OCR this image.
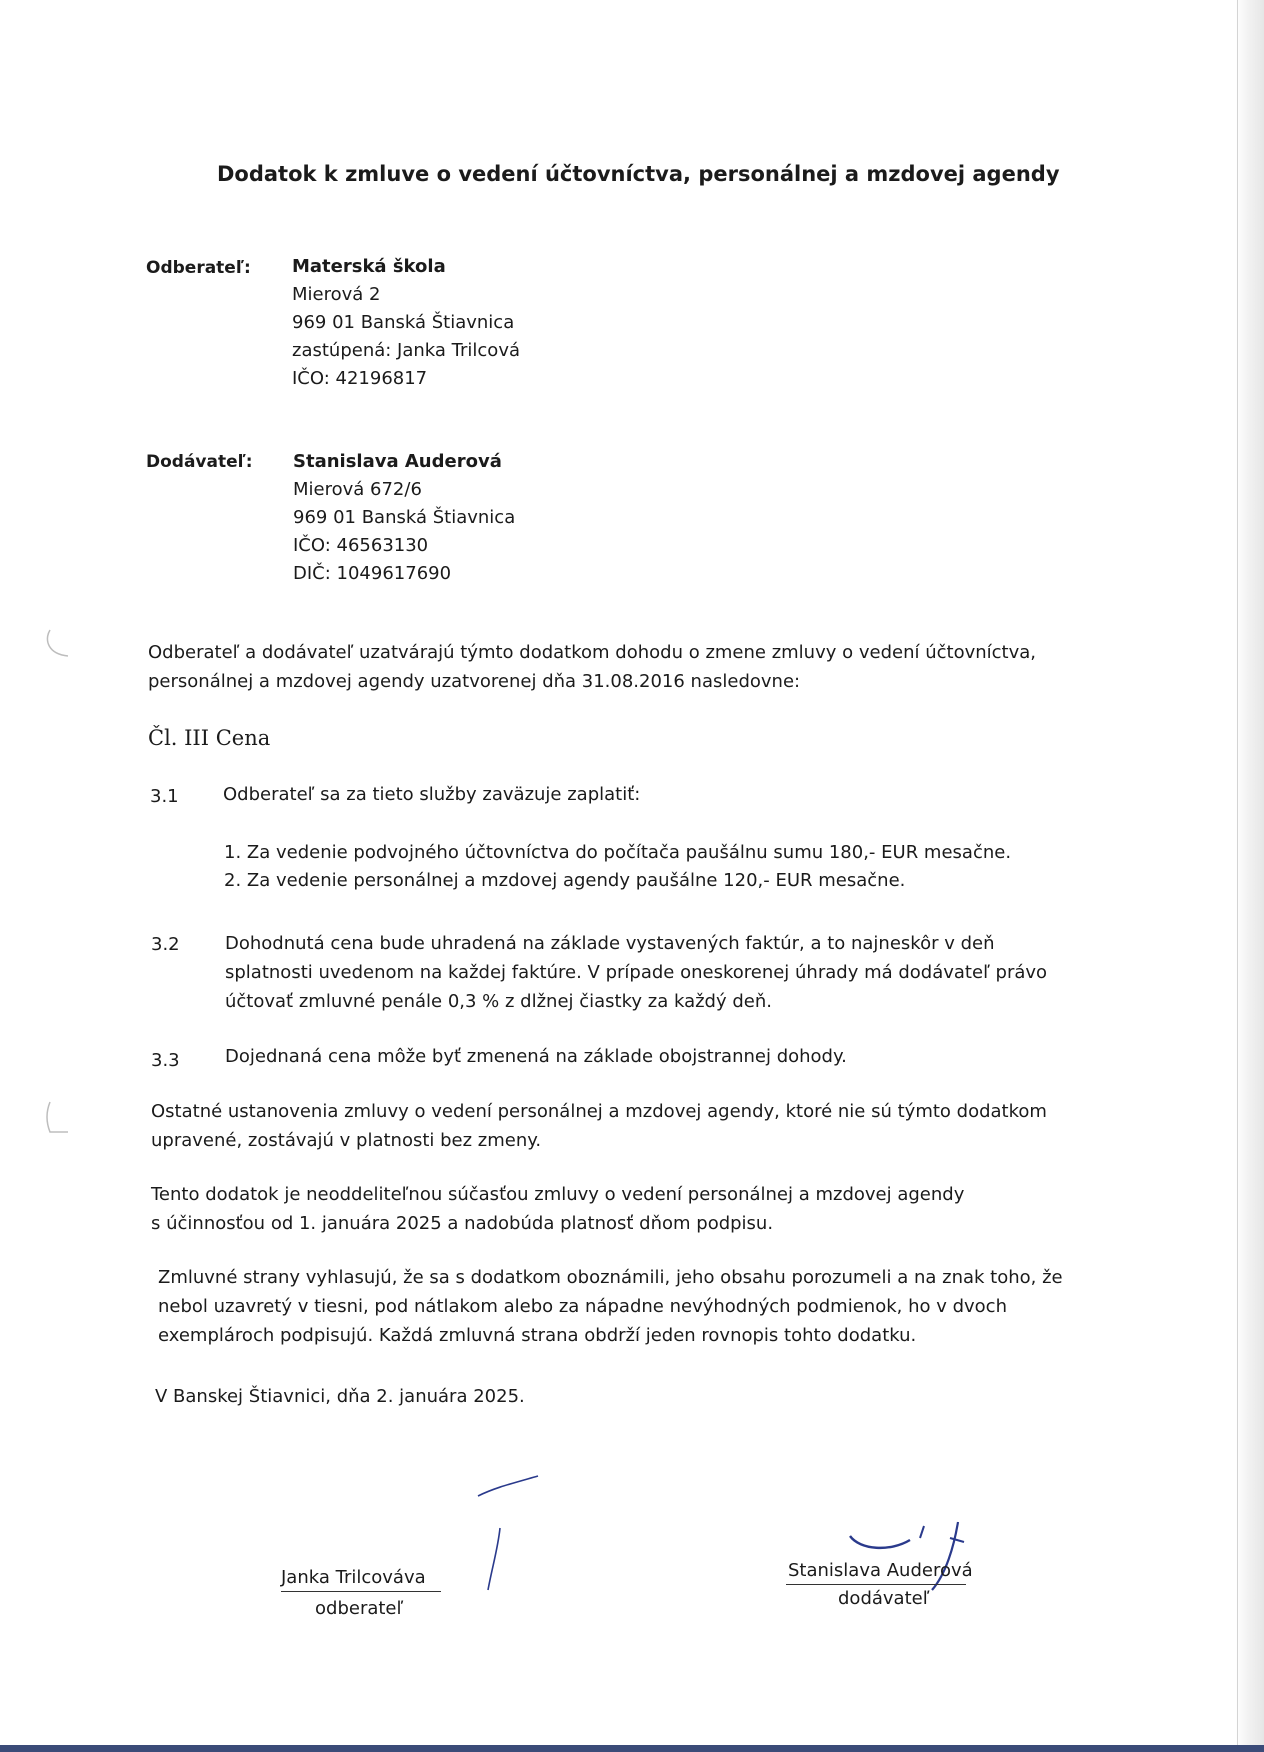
Dodatok k zmluve o vedení účtovníctva, personálnej a mzdovej agendy
Odberateľ: Materská škola
Mierová 2
969 01 Banská Štiavnica
zastúpená: Janka Trilcová
IČO: 42196817
Dodávateľ: Stanislava Auderová
Mierová 672/6
969 01 Banská Štiavnica
IČO: 46563130
DIČ: 1049617690
Odberateľ a dodávateľ uzatvárajú týmto dodatkom dohodu o zmene zmluvy o vedení účtovníctva,
personálnej a mzdovej agendy uzatvorenej dňa 31.08.2016 nasledovne:
Čl. III Cena
3.1 Odberateľ sa za tieto služby zaväzuje zaplatiť:
1. Za vedenie podvojného účtovníctva do počítača paušálnu sumu 180,- EUR mesačne.
2. Za vedenie personálnej a mzdovej agendy paušálne 120,- EUR mesačne.
3.2	Dohodnutá cena bude uhradená na základe vystavených faktúr, a to najneskôr v deň
splatnosti uvedenom na každej faktúre. V prípade oneskorenej úhrady má dodávateľ právo
účtovať zmluvné penále 0,3 % z dlžnej čiastky za každý deň.
3.3	Dojednaná cena môže byť zmenená na základe obojstrannej dohody.
Ostatné ustanovenia zmluvy o vedení personálnej a mzdovej agendy, ktoré nie sú týmto dodatkom
upravené, zostávajú v platnosti bez zmeny.
Tento dodatok je neoddeliteľnou súčasťou zmluvy o vedení personálnej a mzdovej agendy
s účinnosťou od 1. januára 2025 a nadobúda platnosť dňom podpisu.
Zmluvné strany vyhlasujú, že sa s dodatkom oboznámili, jeho obsahu porozumeli a na znak toho, že
nebol uzavretý v tiesni, pod nátlakom alebo za nápadne nevýhodných podmienok, ho v dvoch
exemplároch podpisujú. Každá zmluvná strana obdrží jeden rovnopis tohto dodatku.
V Banskej Štiavnici, dňa 2. januára 2025.
Janka Trilcováva
odberateľ
Stanislava Auderová
dodávateľ
